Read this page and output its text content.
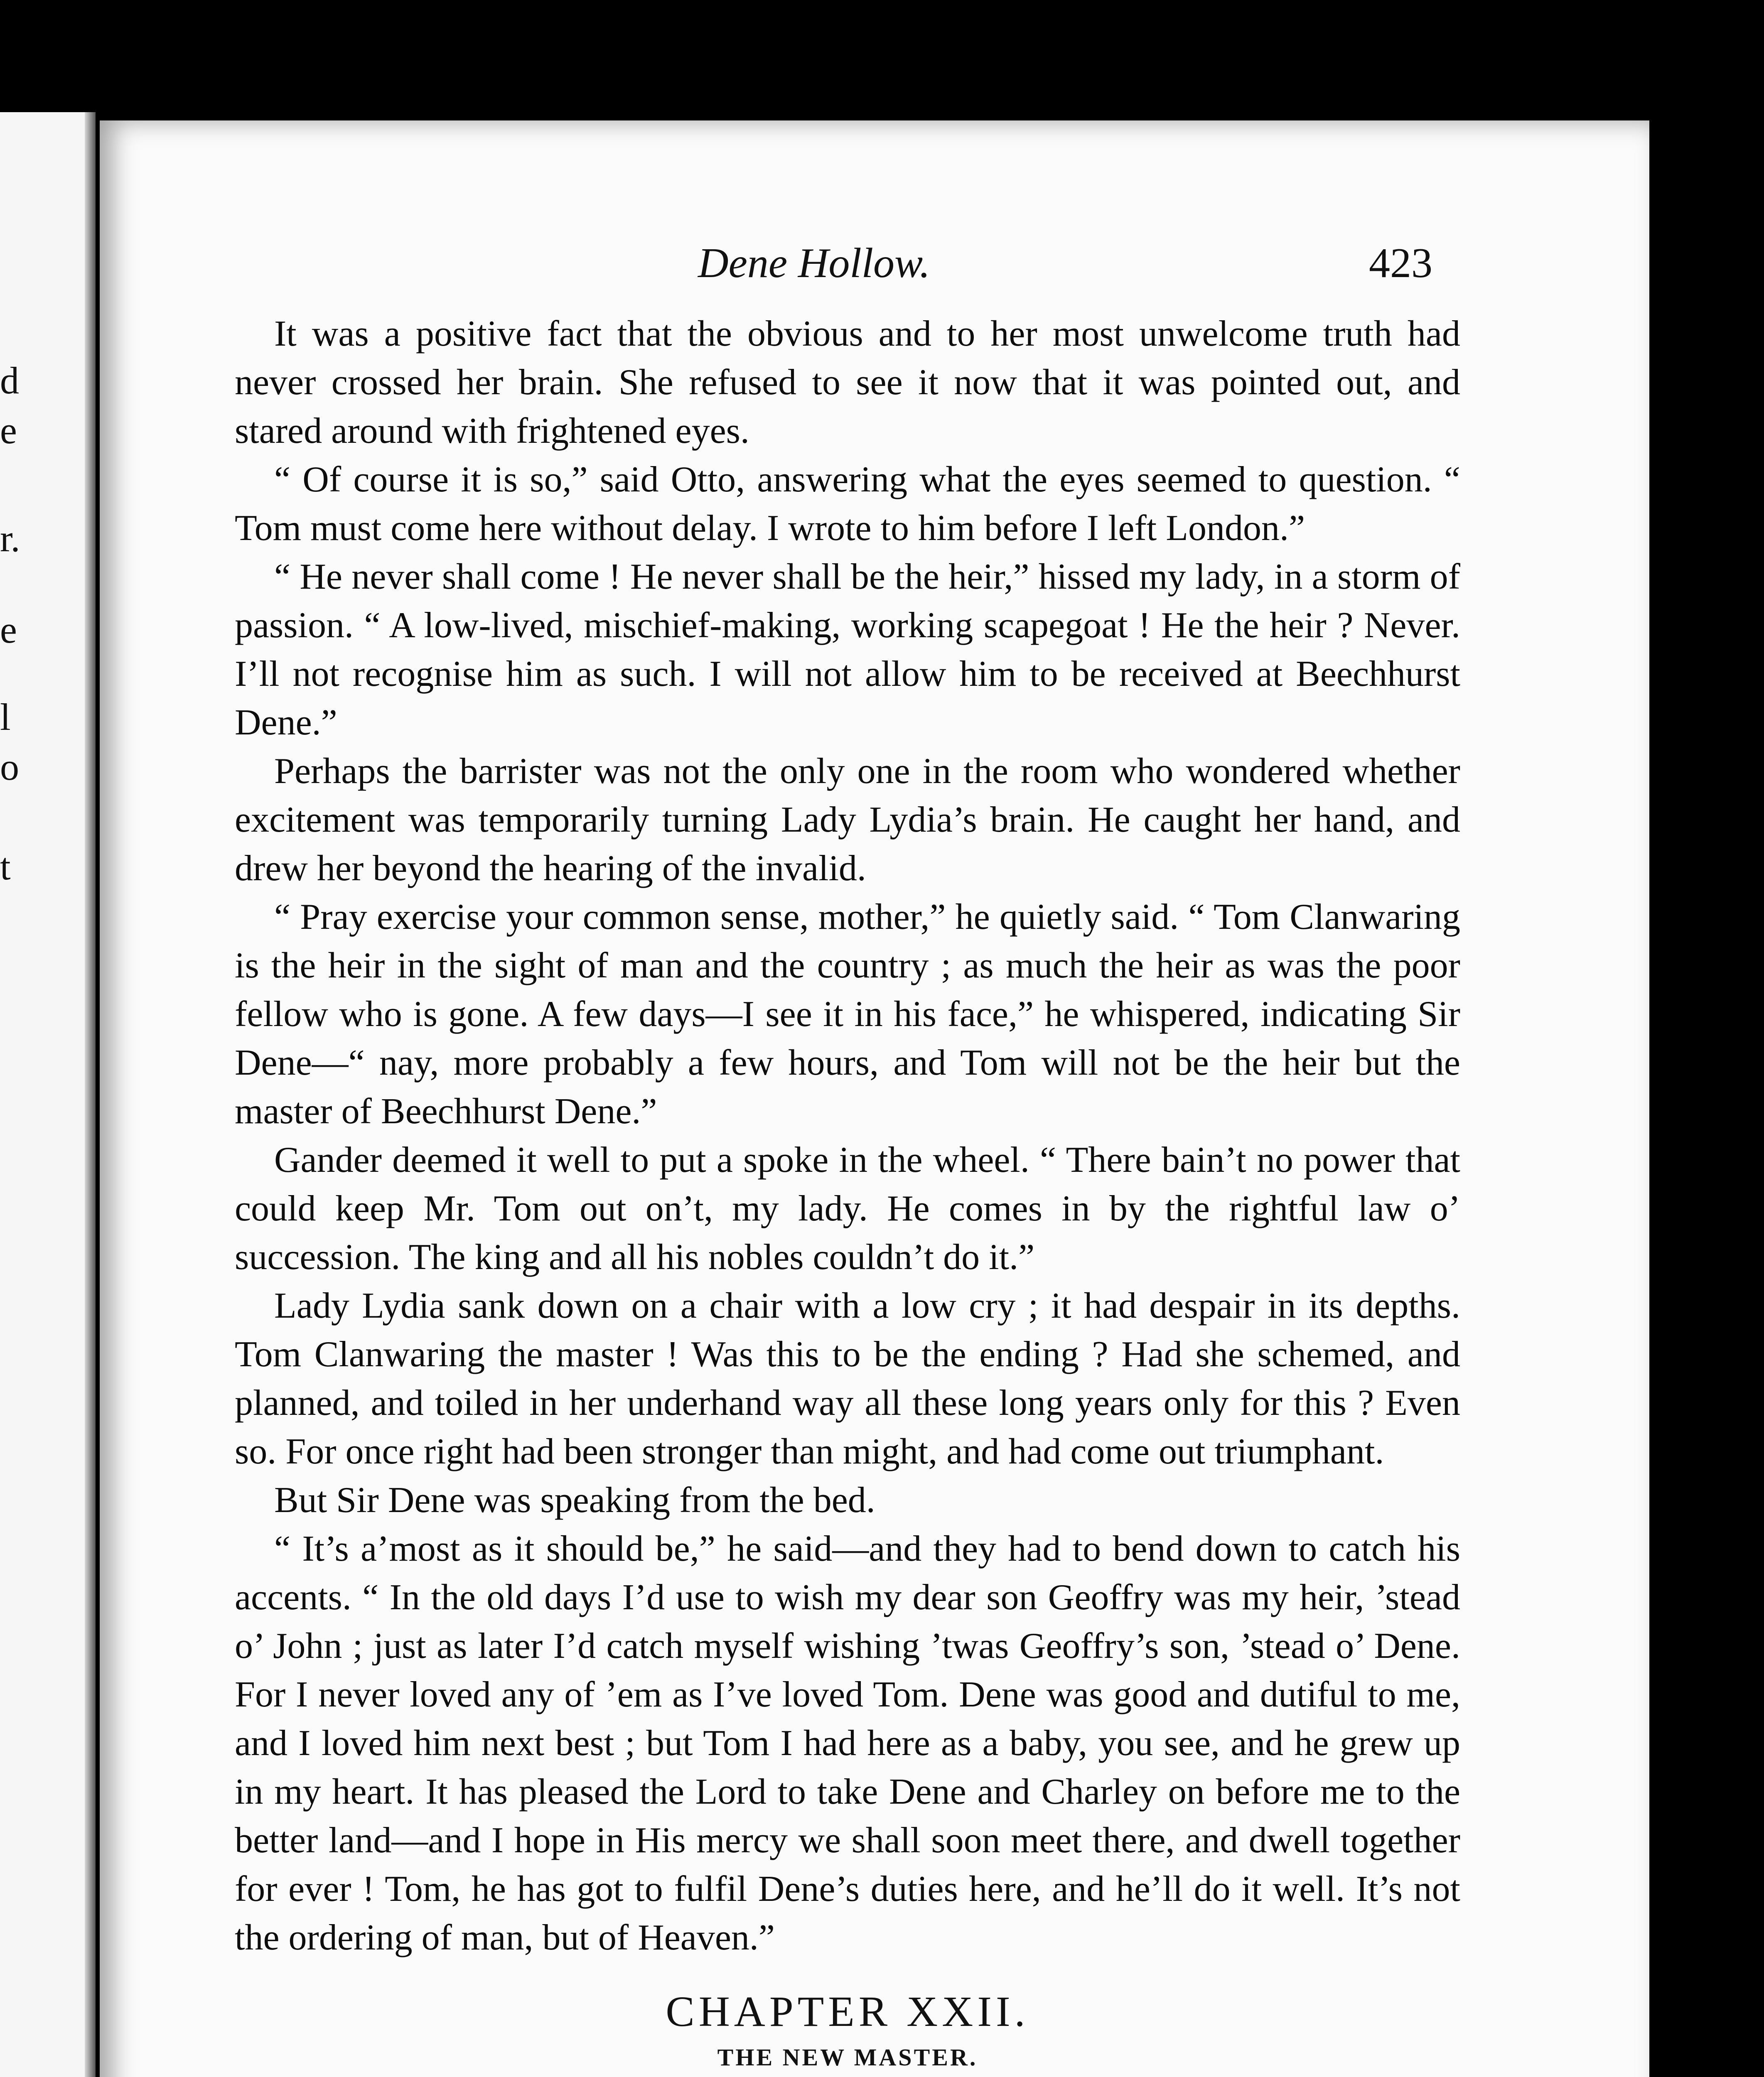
d
e
r.
e
l
o
t
Dene Hollow.	423

It was a positive fact that the obvious and to her most unwelcome truth had never crossed her brain. She refused to see it now that it was pointed out, and stared around with frightened eyes.

“ Of course it is so,” said Otto, answering what the eyes seemed to question. “ Tom must come here without delay. I wrote to him before I left London.”

“ He never shall come ! He never shall be the heir,” hissed my lady, in a storm of passion. “ A low-lived, mischief-making, working scapegoat ! He the heir ? Never. I’ll not recognise him as such. I will not allow him to be received at Beechhurst Dene.”

Perhaps the barrister was not the only one in the room who wondered whether excitement was temporarily turning Lady Lydia’s brain. He caught her hand, and drew her beyond the hearing of the invalid.

“ Pray exercise your common sense, mother,” he quietly said. “ Tom Clanwaring is the heir in the sight of man and the country ; as much the heir as was the poor fellow who is gone. A few days—I see it in his face,” he whispered, indicating Sir Dene—“ nay, more probably a few hours, and Tom will not be the heir but the master of Beechhurst Dene.”

Gander deemed it well to put a spoke in the wheel. “ There bain’t no power that could keep Mr. Tom out on’t, my lady. He comes in by the rightful law o’ succession. The king and all his nobles couldn’t do it.”

Lady Lydia sank down on a chair with a low cry ; it had despair in its depths. Tom Clanwaring the master ! Was this to be the ending ? Had she schemed, and planned, and toiled in her underhand way all these long years only for this ? Even so. For once right had been stronger than might, and had come out triumphant.

But Sir Dene was speaking from the bed.

“ It’s a’most as it should be,” he said—and they had to bend down to catch his accents. “ In the old days I’d use to wish my dear son Geoffry was my heir, ’stead o’ John ; just as later I’d catch myself wishing ’twas Geoffry’s son, ’stead o’ Dene. For I never loved any of ’em as I’ve loved Tom. Dene was good and dutiful to me, and I loved him next best ; but Tom I had here as a baby, you see, and he grew up in my heart. It has pleased the Lord to take Dene and Charley on before me to the better land—and I hope in His mercy we shall soon meet there, and dwell together for ever ! Tom, he has got to fulfil Dene’s duties here, and he’ll do it well. It’s not the ordering of man, but of Heaven.”

CHAPTER XXII.
THE NEW MASTER.
